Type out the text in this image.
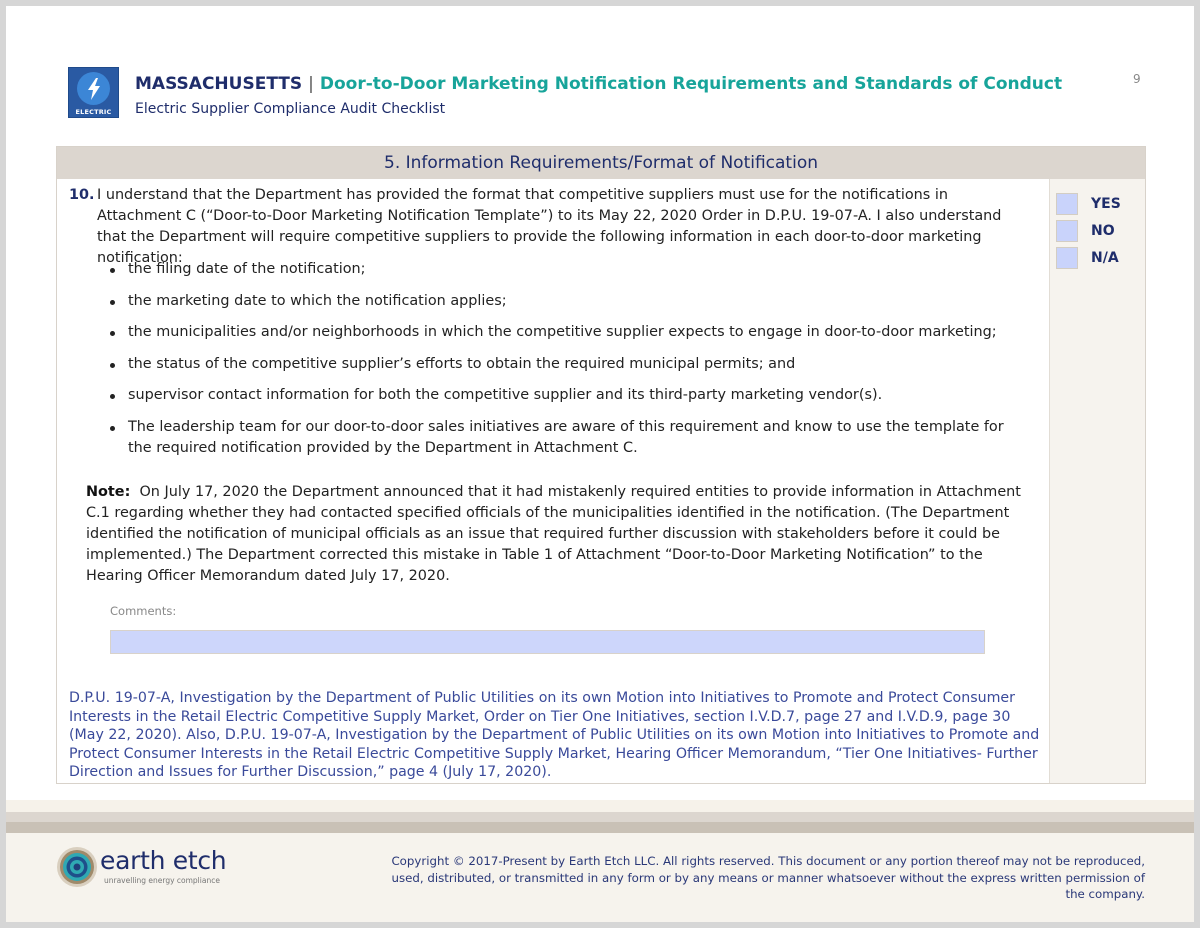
9
ELECTRIC
MASSACHUSETTS | Door-to-Door Marketing Notification Requirements and Standards of Conduct
Electric Supplier Compliance Audit Checklist
5. Information Requirements/Format of Notification
10. I understand that the Department has provided the format that competitive suppliers must use for the notifications in Attachment C (“Door-to-Door Marketing Notification Template”) to its May 22, 2020 Order in D.P.U. 19-07-A. I also understand that the Department will require competitive suppliers to provide the following information in each door-to-door marketing notification:
the filing date of the notification;
the marketing date to which the notification applies;
the municipalities and/or neighborhoods in which the competitive supplier expects to engage in door-to-door marketing;
the status of the competitive supplier’s efforts to obtain the required municipal permits; and
supervisor contact information for both the competitive supplier and its third-party marketing vendor(s).
The leadership team for our door-to-door sales initiatives are aware of this requirement and know to use the template for the required notification provided by the Department in Attachment C.
Note: On July 17, 2020 the Department announced that it had mistakenly required entities to provide information in Attachment C.1 regarding whether they had contacted specified officials of the municipalities identified in the notification. (The Department identified the notification of municipal officials as an issue that required further discussion with stakeholders before it could be implemented.) The Department corrected this mistake in Table 1 of Attachment “Door-to-Door Marketing Notification” to the Hearing Officer Memorandum dated July 17, 2020.
Comments:
D.P.U. 19-07-A, Investigation by the Department of Public Utilities on its own Motion into Initiatives to Promote and Protect Consumer Interests in the Retail Electric Competitive Supply Market, Order on Tier One Initiatives, section I.V.D.7, page 27 and I.V.D.9, page 30 (May 22, 2020). Also, D.P.U. 19-07-A, Investigation by the Department of Public Utilities on its own Motion into Initiatives to Promote and Protect Consumer Interests in the Retail Electric Competitive Supply Market, Hearing Officer Memorandum, “Tier One Initiatives- Further Direction and Issues for Further Discussion,” page 4 (July 17, 2020).
YES
NO
N/A
earth etch
unravelling energy compliance
Copyright © 2017-Present by Earth Etch LLC. All rights reserved. This document or any portion thereof may not be reproduced, used, distributed, or transmitted in any form or by any means or manner whatsoever without the express written permission of the company.
